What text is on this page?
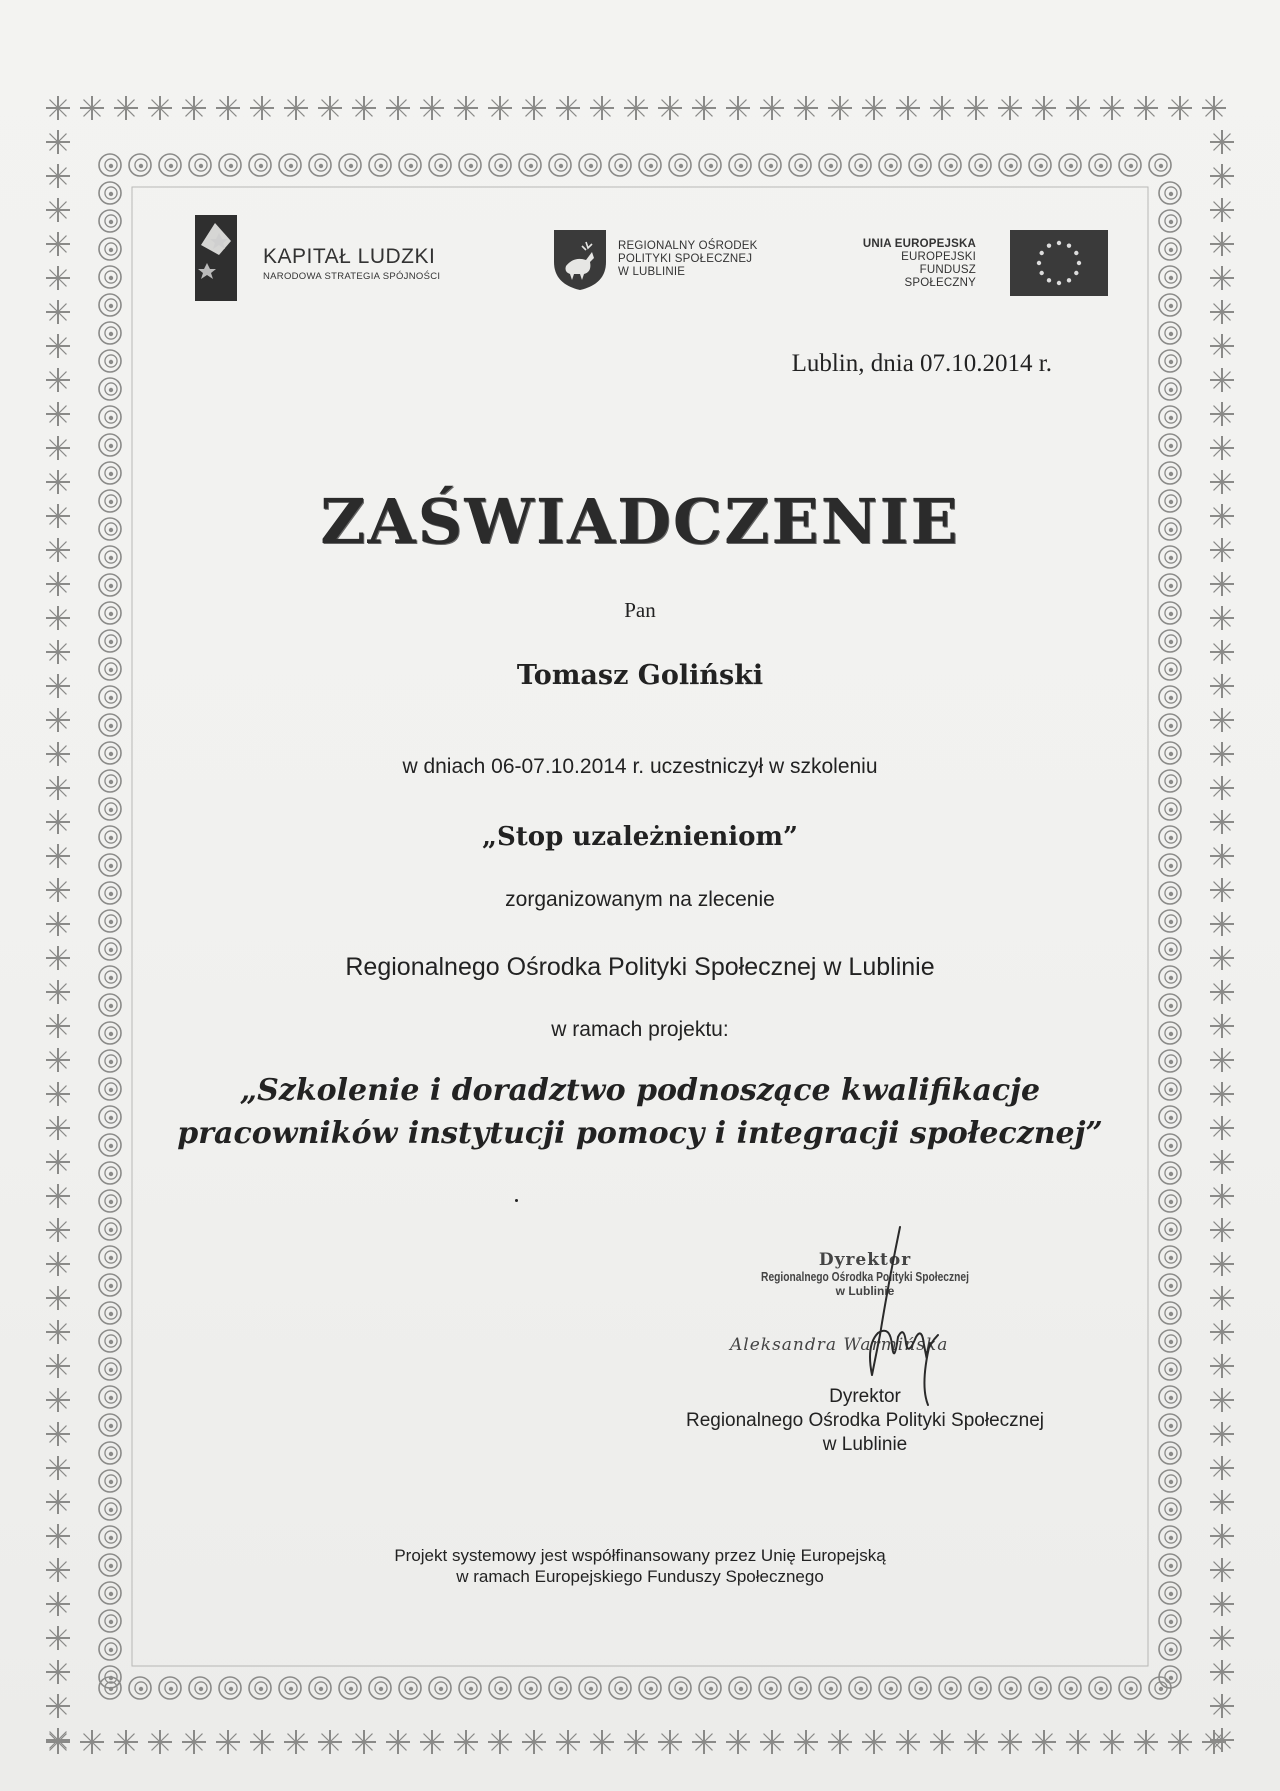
KAPITAŁ LUDZKI
NARODOWA STRATEGIA SPÓJNOŚCI
REGIONALNY OŚRODEK
POLITYKI SPOŁECZNEJ
W LUBLINIE
UNIA EUROPEJSKA
EUROPEJSKI
FUNDUSZ SPOŁECZNY
Lublin, dnia 07.10.2014 r.
ZAŚWIADCZENIE
Pan
Tomasz Goliński
w dniach 06-07.10.2014 r. uczestniczył w szkoleniu
„Stop uzależnieniom”
zorganizowanym na zlecenie
Regionalnego Ośrodka Polityki Społecznej w Lublinie
w ramach projektu:
„Szkolenie i doradztwo podnoszące kwalifikacje
pracowników instytucji pomocy i integracji społecznej”
Dyrektor
Regionalnego Ośrodka Polityki Społecznej
w Lublinie
Aleksandra Warmińska
Dyrektor
Regionalnego Ośrodka Polityki Społecznej
w Lublinie
Projekt systemowy jest współfinansowany przez Unię Europejską
w ramach Europejskiego Funduszy Społecznego
